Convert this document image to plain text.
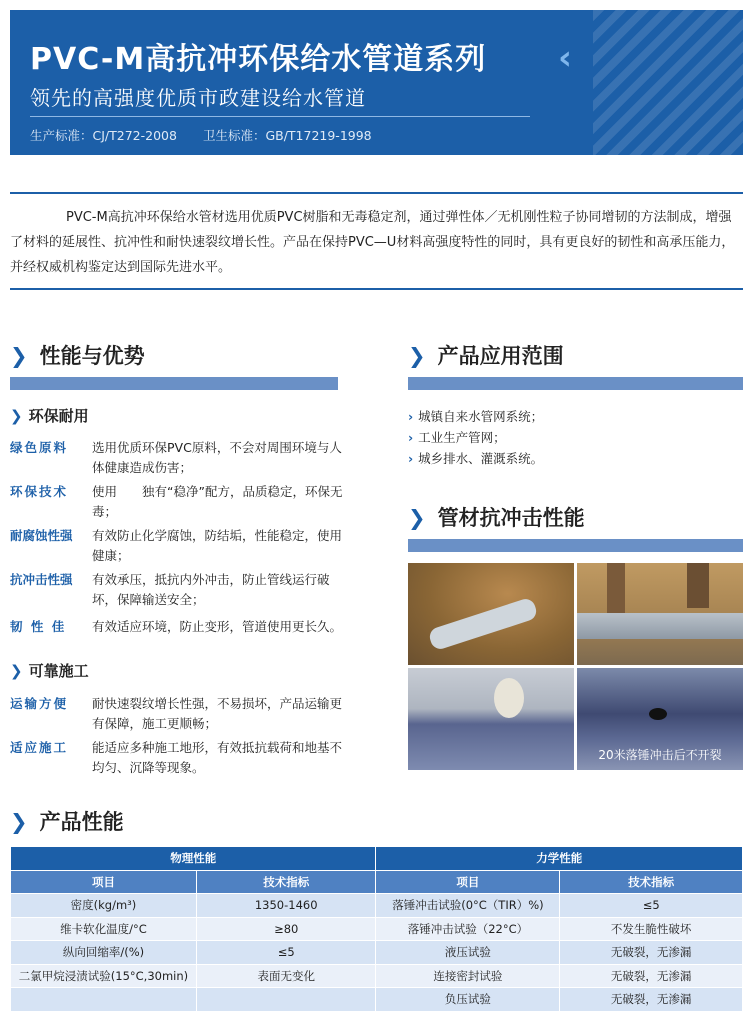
PVC-M高抗冲环保给水管道系列 ‹
领先的高强度优质市政建设给水管道
生产标准：CJ/T272-2008 卫生标准：GB/T17219-1998
PVC-M高抗冲环保给水管材选用优质PVC树脂和无毒稳定剂，通过弹性体／无机刚性粒子协同增韧的方法制成，增强了材料的延展性、抗冲性和耐快速裂纹增长性。产品在保持PVC—U材料高强度特性的同时，具有更良好的韧性和高承压能力，并经权威机构鉴定达到国际先进水平。
❯ 性能与优势
❯ 环保耐用
绿色原料	选用优质环保PVC原料，不会对周围环境与人体健康造成伤害；
环保技术	使用　　独有“稳净”配方，品质稳定，环保无毒；
耐腐蚀性强	有效防止化学腐蚀，防结垢，性能稳定，使用健康；
抗冲击性强	有效承压，抵抗内外冲击，防止管线运行破坏，保障输送安全；
韧 性 佳	有效适应环境，防止变形，管道使用更长久。
❯ 可靠施工
运输方便	耐快速裂纹增长性强，不易损坏，产品运输更有保障，施工更顺畅；
适应施工	能适应多种施工地形，有效抵抗载荷和地基不均匀、沉降等现象。
❯ 产品应用范围
› 城镇自来水管网系统；
› 工业生产管网；
› 城乡排水、灌溉系统。
❯ 管材抗冲击性能
20米落锤冲击后不开裂
❯ 产品性能
物理性能		力学性能	
项目	技术指标	项目	技术指标
密度(kg/m³)	1350-1460	落锤冲击试验(0°C（TIR）%)	≤5
维卡软化温度/°C	≥80	落锤冲击试验（22°C）	不发生脆性破坏
纵向回缩率/(%)	≤5	液压试验	无破裂，无渗漏
二氯甲烷浸渍试验(15°C,30min)	表面无变化	连接密封试验	无破裂，无渗漏
		负压试验	无破裂，无渗漏
